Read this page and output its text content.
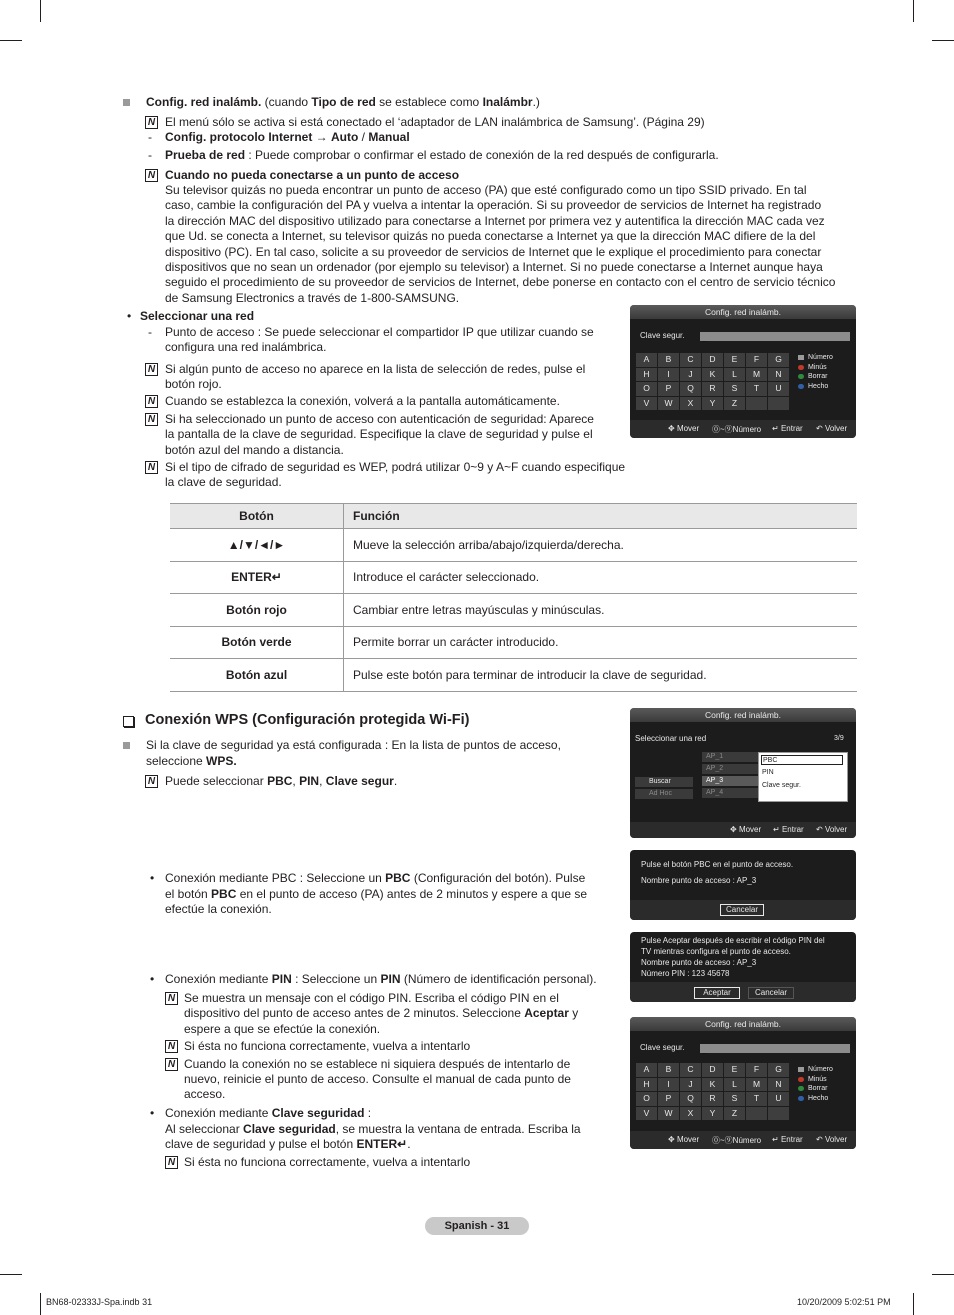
Config. red inalámb. (cuando Tipo de red se establece como Inalámbr.)
N El menú sólo se activa si está conectado el ‘adaptador de LAN inalámbrica de Samsung’. (Página 29)
- Config. protocolo Internet → Auto / Manual
- Prueba de red : Puede comprobar o confirmar el estado de conexión de la red después de configurarla.
N Cuando no pueda conectarse a un punto de acceso
Su televisor quizás no pueda encontrar un punto de acceso (PA) que esté configurado como un tipo SSID privado. En tal
caso, cambie la configuración del PA y vuelva a intentar la operación. Si su proveedor de servicios de Internet ha registrado
la dirección MAC del dispositivo utilizado para conectarse a Internet por primera vez y autentifica la dirección MAC cada vez
que Ud. se conecta a Internet, su televisor quizás no pueda conectarse a Internet ya que la dirección MAC difiere de la del
dispositivo (PC). En tal caso, solicite a su proveedor de servicios de Internet que le explique el procedimiento para conectar
dispositivos que no sean un ordenador (por ejemplo su televisor) a Internet. Si no puede conectarse a Internet aunque haya
seguido el procedimiento de su proveedor de servicios de Internet, debe ponerse en contacto con el centro de servicio técnico
de Samsung Electronics a través de 1-800-SAMSUNG.
• Seleccionar una red
- Punto de acceso : Se puede seleccionar el compartidor IP que utilizar cuando se
configura una red inalámbrica.
N Si algún punto de acceso no aparece en la lista de selección de redes, pulse el
botón rojo.
N Cuando se establezca la conexión, volverá a la pantalla automáticamente.
N Si ha seleccionado un punto de acceso con autenticación de seguridad: Aparece
la pantalla de la clave de seguridad. Especifique la clave de seguridad y pulse el
botón azul del mando a distancia.
N Si el tipo de cifrado de seguridad es WEP, podrá utilizar 0~9 y A~F cuando especifique
la clave de seguridad.
Config. red inalámb.
Clave segur. _
A	B	C	D	E	F	G
H	I	J	K	L	M	N
O	P	Q	R	S	T	U
V	W	X	Y	Z
Número
Minús
Borrar
Hecho
✥ Mover ⓪~⑨Número ↵ Entrar ↶ Volver
Botón	Función
▲/▼/◄/►	Mueve la selección arriba/abajo/izquierda/derecha.
ENTER↵	Introduce el carácter seleccionado.
Botón rojo	Cambiar entre letras mayúsculas y minúsculas.
Botón verde	Permite borrar un carácter introducido.
Botón azul	Pulse este botón para terminar de introducir la clave de seguridad.
Conexión WPS (Configuración protegida Wi-Fi)
Si la clave de seguridad ya está configurada : En la lista de puntos de acceso,
seleccione WPS.
N Puede seleccionar PBC, PIN, Clave segur.
• Conexión mediante PBC : Seleccione un PBC (Configuración del botón). Pulse
el botón PBC en el punto de acceso (PA) antes de 2 minutos y espere a que se
efectúe la conexión.
• Conexión mediante PIN : Seleccione un PIN (Número de identificación personal).
N Se muestra un mensaje con el código PIN. Escriba el código PIN en el
dispositivo del punto de acceso antes de 2 minutos. Seleccione Aceptar y
espere a que se efectúe la conexión.
N Si ésta no funciona correctamente, vuelva a intentarlo
N Cuando la conexión no se establece ni siquiera después de intentarlo de
nuevo, reinicie el punto de acceso. Consulte el manual de cada punto de
acceso.
• Conexión mediante Clave seguridad :
Al seleccionar Clave seguridad, se muestra la ventana de entrada. Escriba la
clave de seguridad y pulse el botón ENTER↵.
N Si ésta no funciona correctamente, vuelva a intentarlo
Config. red inalámb.
Seleccionar una red	3/9
AP_1
AP_2
AP_3
AP_4
Buscar
Ad Hoc
PBC
PIN
Clave segur.
✥ Mover ↵ Entrar ↶ Volver
Pulse el botón PBC en el punto de acceso.
Nombre punto de acceso : AP_3
Cancelar
Pulse Aceptar después de escribir el código PIN del
TV mientras configura el punto de acceso.
Nombre punto de acceso : AP_3
Número PIN : 123 45678
Aceptar	Cancelar
Config. red inalámb.
Clave segur. _
A	B	C	D	E	F	G
H	I	J	K	L	M	N
O	P	Q	R	S	T	U
V	W	X	Y	Z
Número
Minús
Borrar
Hecho
✥ Mover ⓪~⑨Número ↵ Entrar ↶ Volver
Spanish - 31
BN68-02333J-Spa.indb 31	10/20/2009 5:02:51 PM
